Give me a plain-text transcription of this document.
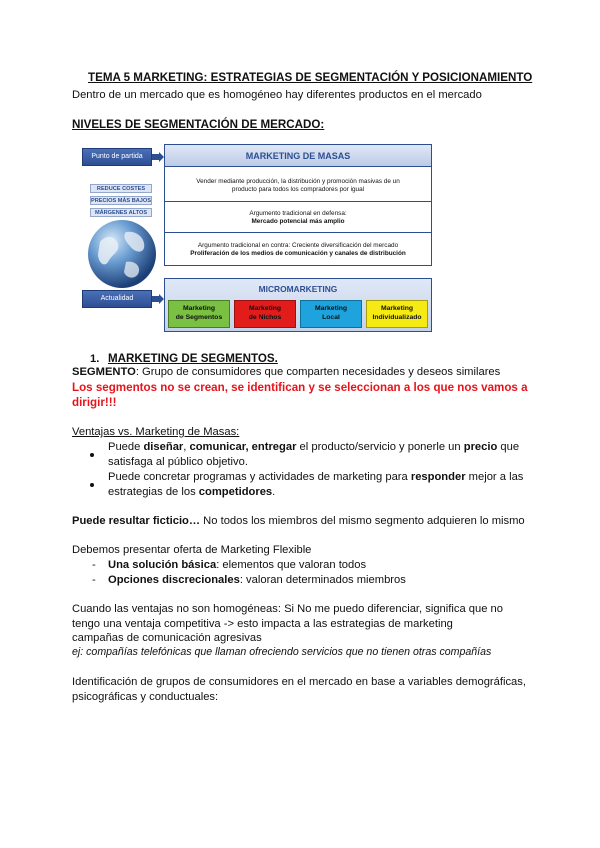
TEMA 5 MARKETING: ESTRATEGIAS DE SEGMENTACIÓN Y POSICIONAMIENTO
Dentro de un mercado que es homogéneo hay diferentes productos en el mercado
NIVELES DE SEGMENTACIÓN DE MERCADO:
Punto de partida	MARKETING DE MASAS
Vender mediante producción, la distribución y promoción masivas de un
producto para todos los compradores por igual
Argumento tradicional en defensa:
Mercado potencial más amplio
Argumento tradicional en contra: Creciente diversificación del mercado
Proliferación de los medios de comunicación y canales de distribución
REDUCE COSTES
PRECIOS MÁS BAJOS
MÁRGENES ALTOS
Actualidad
MICROMARKETING
Marketing
de Segmentos
Marketing
de Nichos
Marketing
Local
Marketing
Individualizado
1. MARKETING DE SEGMENTOS.
SEGMENTO: Grupo de consumidores que comparten necesidades y deseos similares
Los segmentos no se crean, se identifican y se seleccionan a los que nos vamos a
dirigir!!!
Ventajas vs. Marketing de Masas:
Puede diseñar, comunicar, entregar el producto/servicio y ponerle un precio que
satisfaga al público objetivo.
Puede concretar programas y actividades de marketing para responder mejor a las
estrategias de los competidores.
Puede resultar ficticio… No todos los miembros del mismo segmento adquieren lo mismo
Debemos presentar oferta de Marketing Flexible
- Una solución básica: elementos que valoran todos
- Opciones discrecionales: valoran determinados miembros
Cuando las ventajas no son homogéneas: Si No me puedo diferenciar, significa que no
tengo una ventaja competitiva -> esto impacta a las estrategias de marketing
campañas de comunicación agresivas
ej: compañías telefónicas que llaman ofreciendo servicios que no tienen otras compañías
Identificación de grupos de consumidores en el mercado en base a variables demográficas,
psicográficas y conductuales:
